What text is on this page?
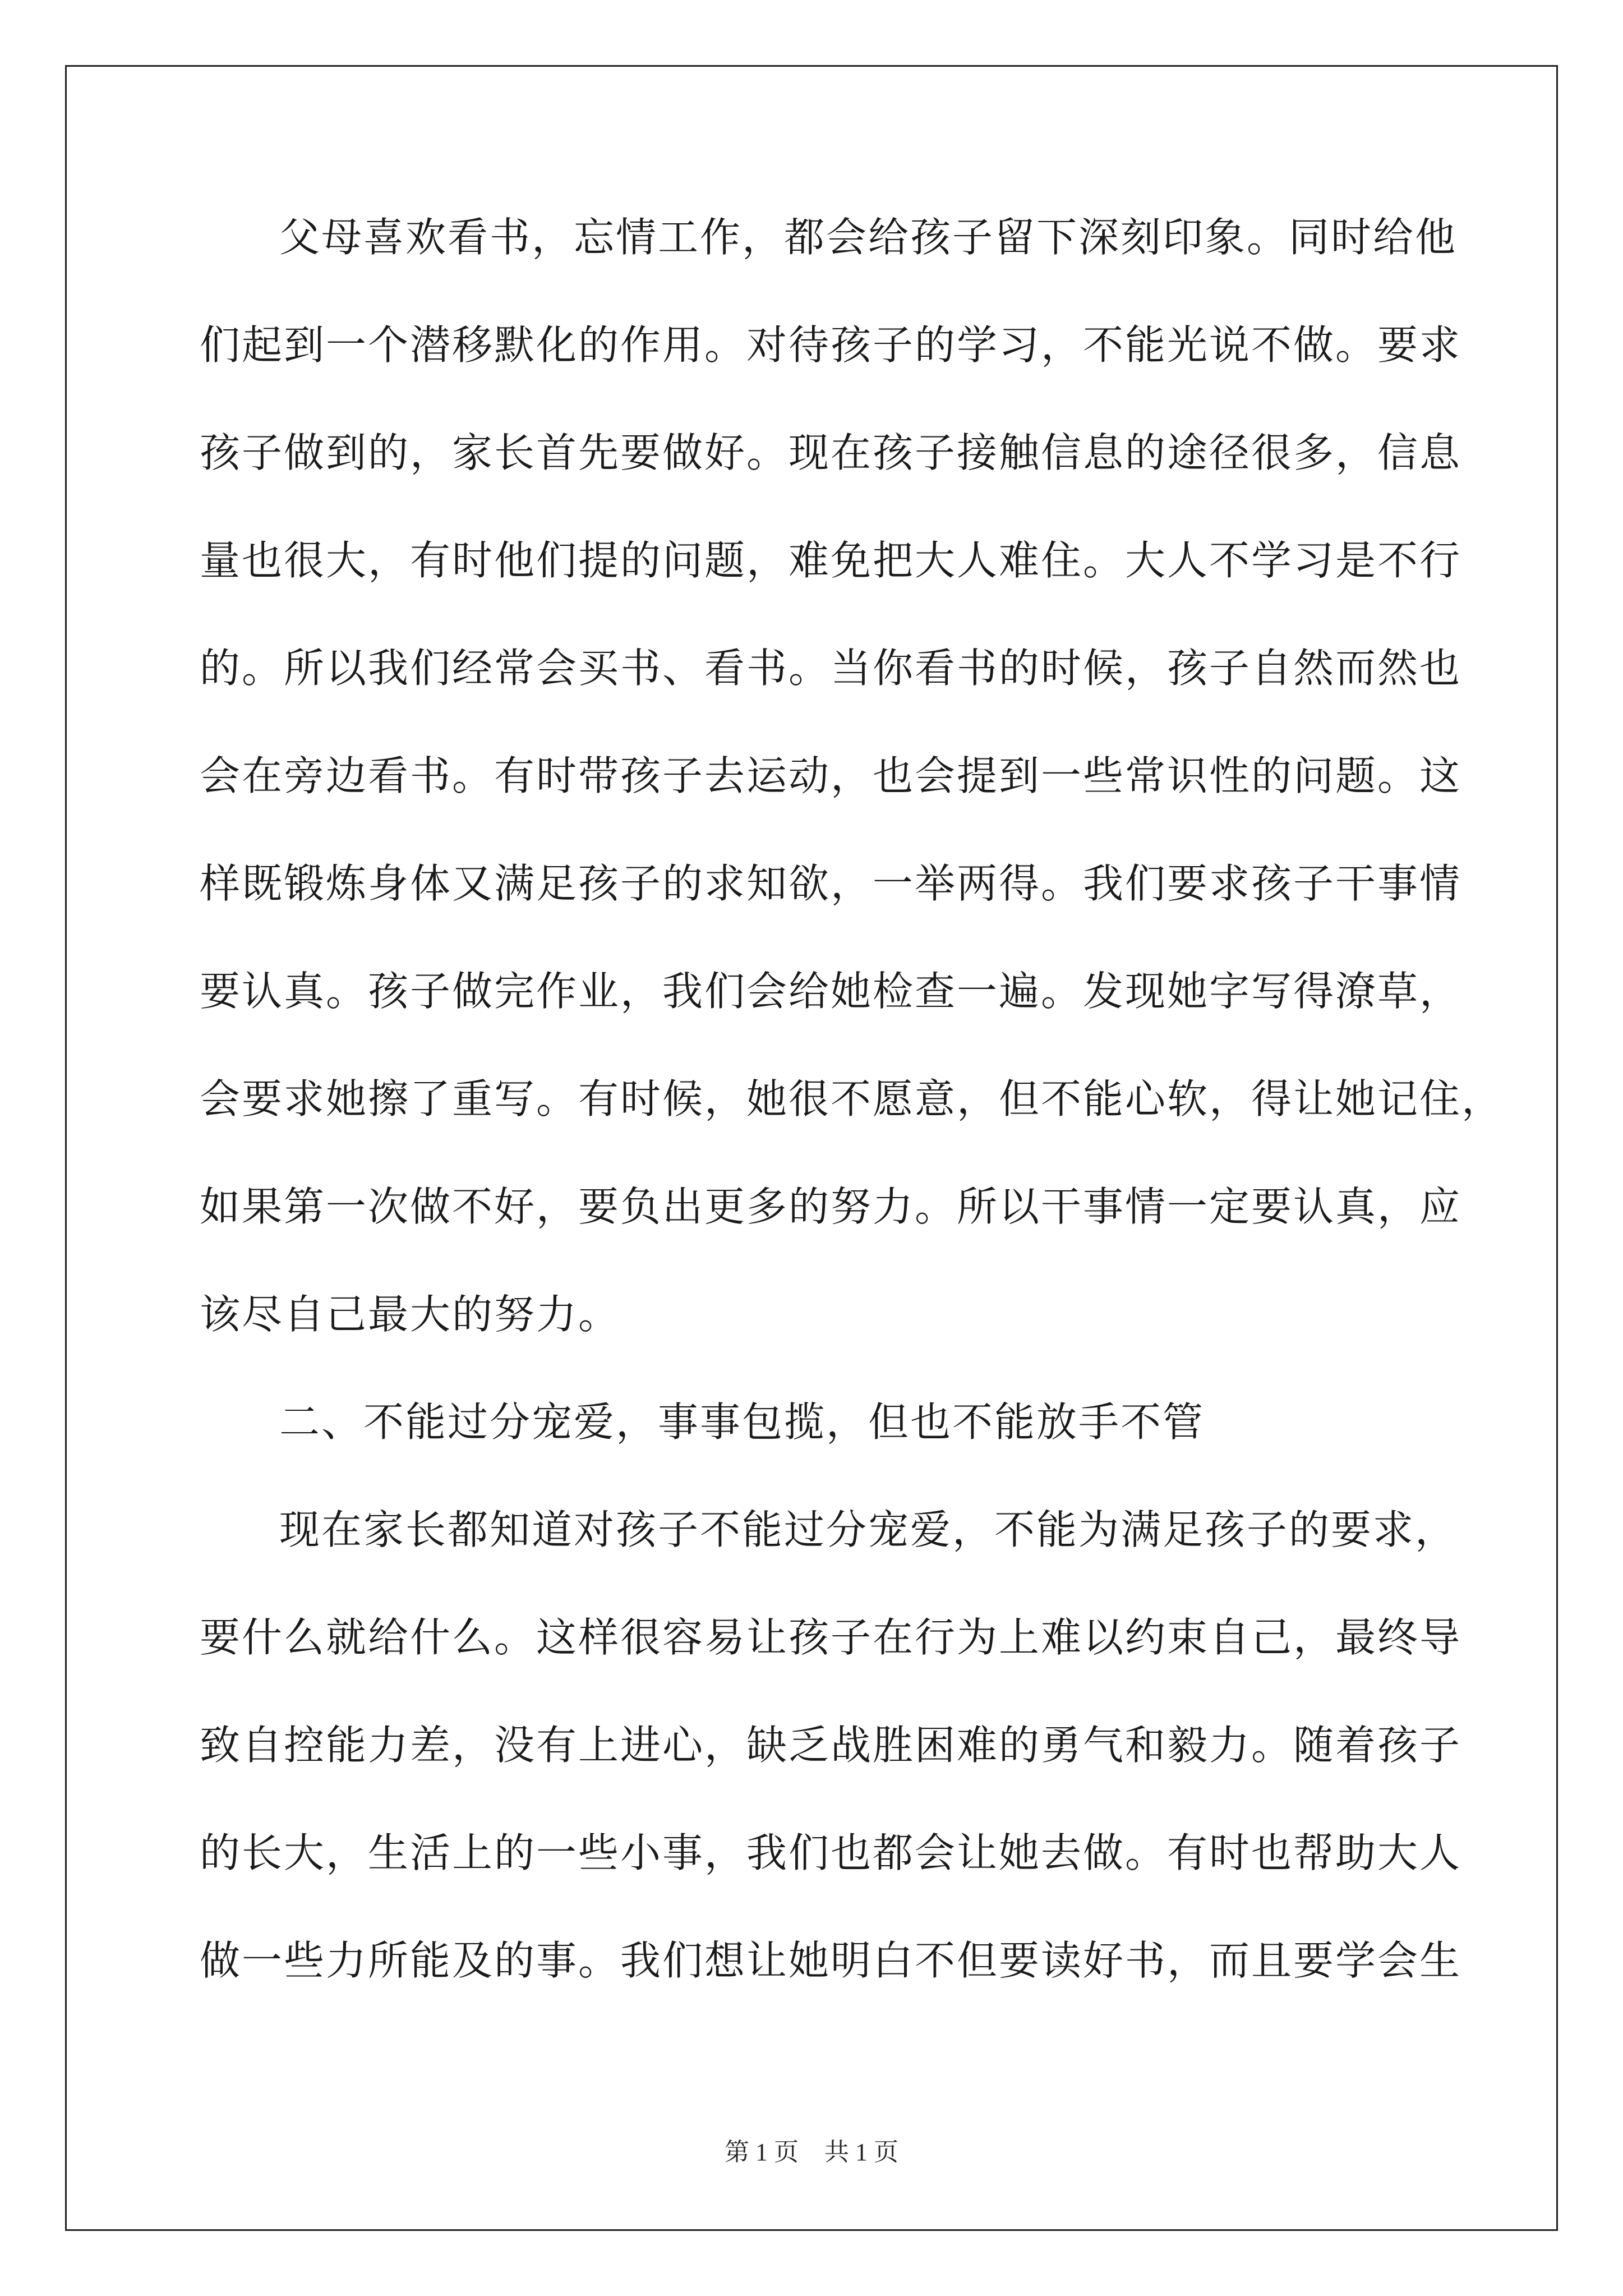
父母喜欢看书，忘情工作，都会给孩子留下深刻印象。同时给他
们起到一个潜移默化的作用。对待孩子的学习，不能光说不做。要求
孩子做到的，家长首先要做好。现在孩子接触信息的途径很多，信息
量也很大，有时他们提的问题，难免把大人难住。大人不学习是不行
的。所以我们经常会买书、看书。当你看书的时候，孩子自然而然也
会在旁边看书。有时带孩子去运动，也会提到一些常识性的问题。这
样既锻炼身体又满足孩子的求知欲，一举两得。我们要求孩子干事情
要认真。孩子做完作业，我们会给她检查一遍。发现她字写得潦草，
会要求她擦了重写。有时候，她很不愿意，但不能心软，得让她记住，
如果第一次做不好，要负出更多的努力。所以干事情一定要认真，应
该尽自己最大的努力。
二、不能过分宠爱，事事包揽，但也不能放手不管
现在家长都知道对孩子不能过分宠爱，不能为满足孩子的要求，
要什么就给什么。这样很容易让孩子在行为上难以约束自己，最终导
致自控能力差，没有上进心，缺乏战胜困难的勇气和毅力。随着孩子
的长大，生活上的一些小事，我们也都会让她去做。有时也帮助大人
做一些力所能及的事。我们想让她明白不但要读好书，而且要学会生
第 1 页 共 1 页
